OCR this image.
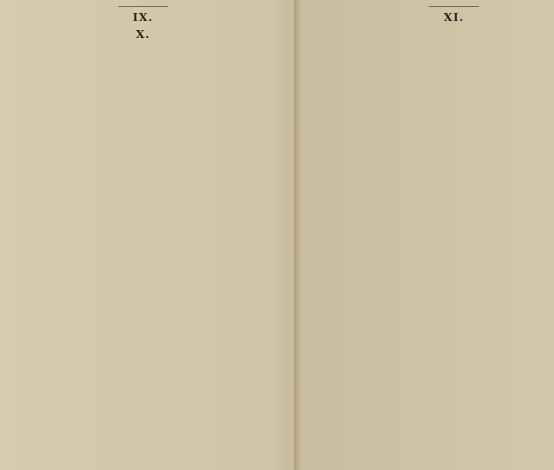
IX.

X.

XI.
